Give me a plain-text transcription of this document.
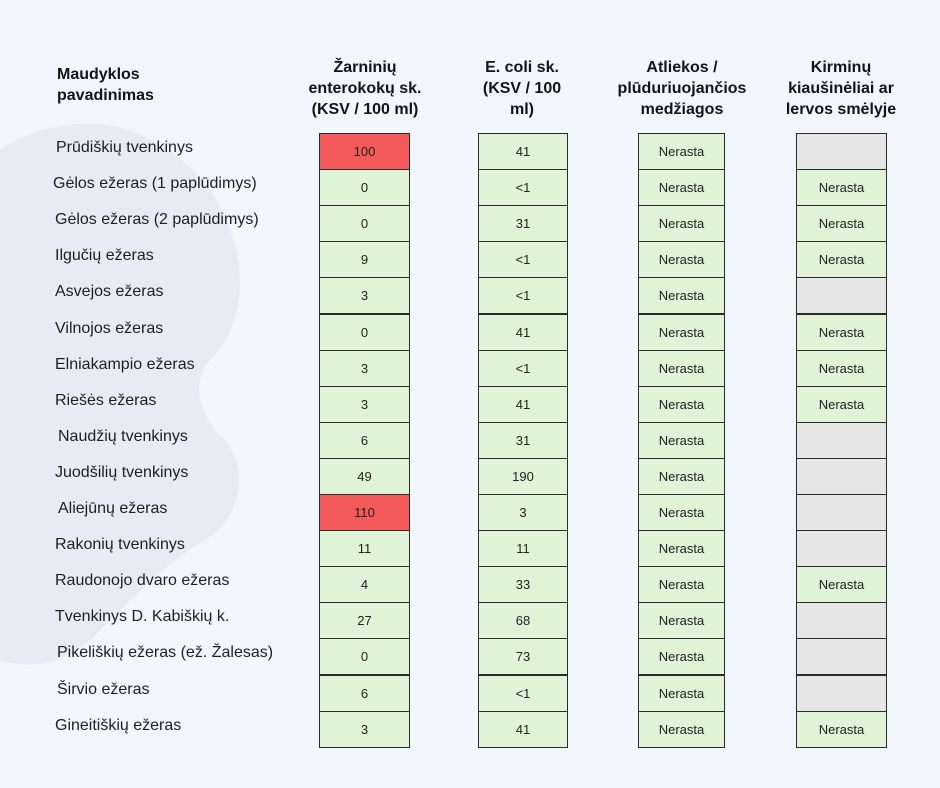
Maudyklos
pavadinimas
Žarninių
enterokokų sk.
(KSV / 100 ml)
E. coli sk.
(KSV / 100
ml)
Atliekos /
plūduriuojančios
medžiagos
Kirminų
kiaušinėliai ar
lervos smėlyje
Prūdiškių tvenkinys	100	41	Nerasta
Gėlos ežeras (1 paplūdimys)	0	<1	Nerasta	Nerasta
Gėlos ežeras (2 paplūdimys)	0	31	Nerasta	Nerasta
Ilgučių ežeras	9	<1	Nerasta	Nerasta
Asvejos ežeras	3	<1	Nerasta
Vilnojos ežeras	0	41	Nerasta	Nerasta
Elniakampio ežeras	3	<1	Nerasta	Nerasta
Riešės ežeras	3	41	Nerasta	Nerasta
Naudžių tvenkinys	6	31	Nerasta
Juodšilių tvenkinys	49	190	Nerasta
Aliejūnų ežeras	110	3	Nerasta
Rakonių tvenkinys	11	11	Nerasta
Raudonojo dvaro ežeras	4	33	Nerasta	Nerasta
Tvenkinys D. Kabiškių k.	27	68	Nerasta
Pikeliškių ežeras (ež. Žalesas)	0	73	Nerasta
Širvio ežeras	6	<1	Nerasta
Gineitiškių ežeras	3	41	Nerasta	Nerasta
